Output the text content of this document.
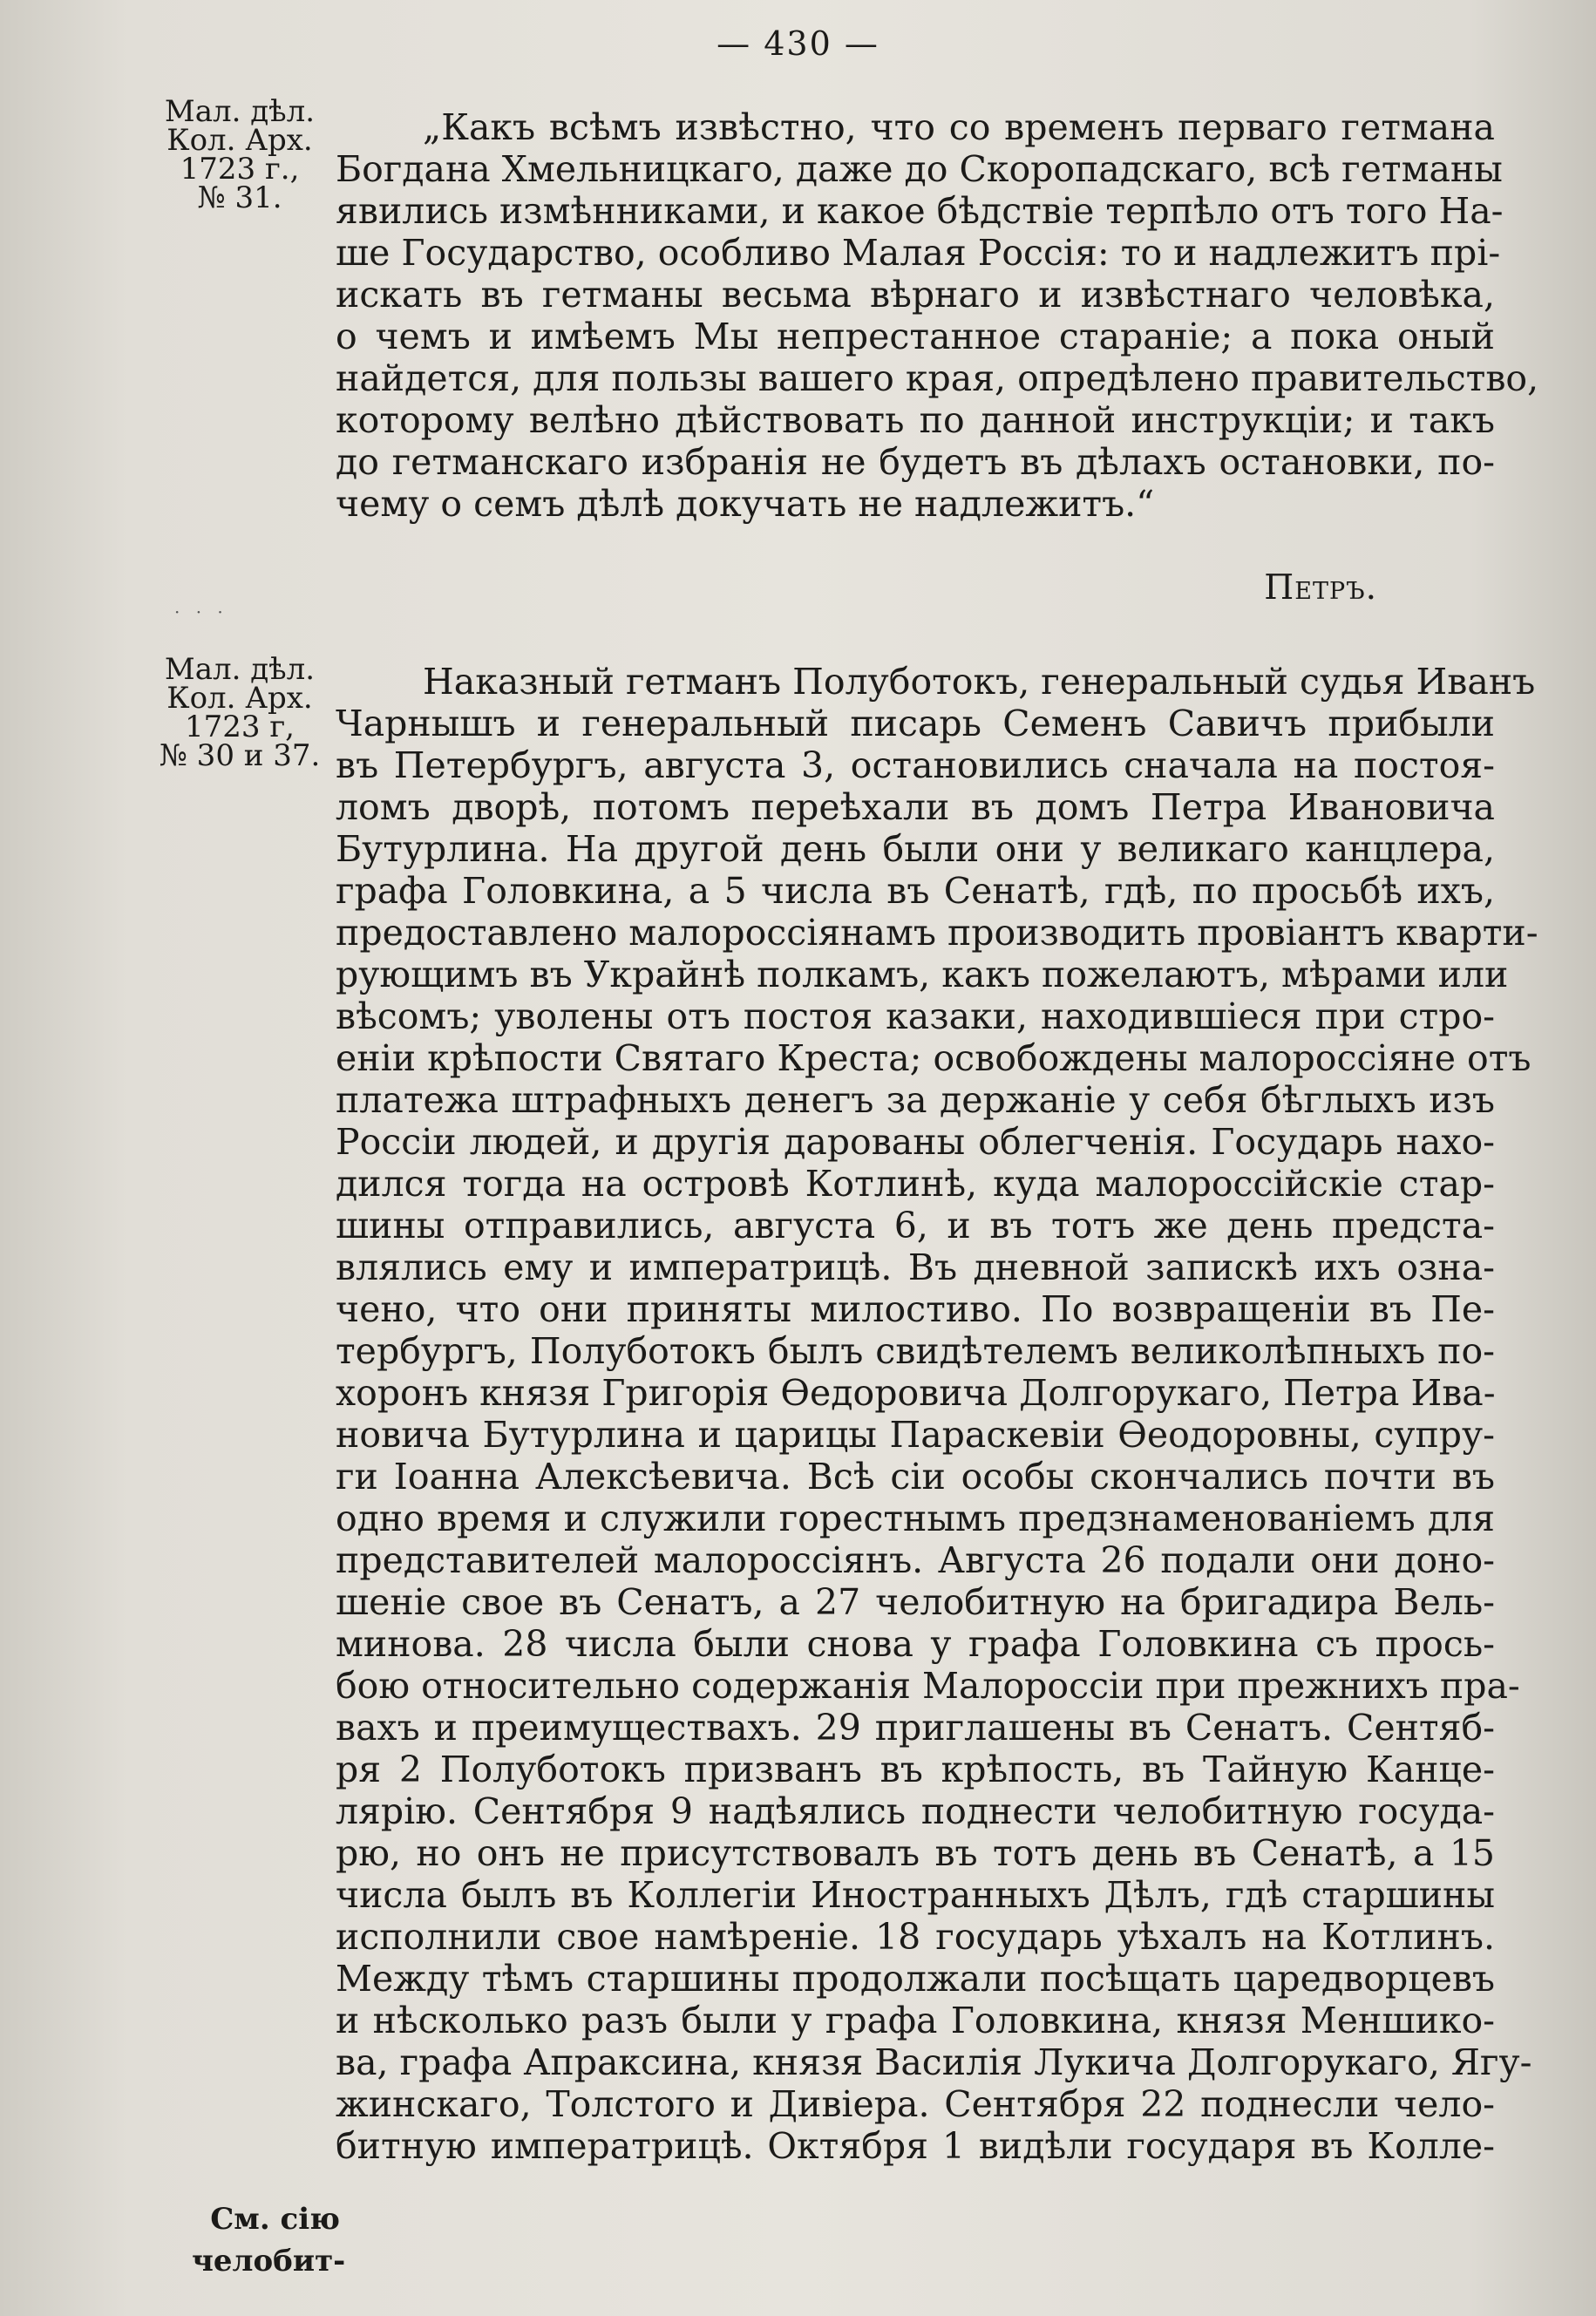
— 430 —
Мал. дѣл.
Кол. Арх.
1723 г.,
№ 31.
„Какъ всѣмъ извѣстно, что со временъ перваго гетмана
Богдана Хмельницкаго, даже до Скоропадскаго, всѣ гетманы
явились измѣнниками, и какое бѣдствіе терпѣло отъ того На-
ше Государство, особливо Малая Россія: то и надлежитъ прі-
искать въ гетманы весьма вѣрнаго и извѣстнаго человѣка,
о чемъ и имѣемъ Мы непрестанное стараніе; а пока оный
найдется, для пользы вашего края, опредѣлено правительство,
которому велѣно дѣйствовать по данной инструкціи; и такъ
до гетманскаго избранія не будетъ въ дѣлахъ остановки, по-
чему о семъ дѣлѣ докучать не надлежитъ.“
· · ·
Петръ.
Мал. дѣл.
Кол. Арх.
1723 г,
№ 30 и 37.
Наказный гетманъ Полуботокъ, генеральный судья Иванъ
Чарнышъ и генеральный писарь Семенъ Савичъ прибыли
въ Петербургъ, августа 3, остановились сначала на постоя-
ломъ дворѣ, потомъ переѣхали въ домъ Петра Ивановича
Бутурлина. На другой день были они у великаго канцлера,
графа Головкина, а 5 числа въ Сенатѣ, гдѣ, по просьбѣ ихъ,
предоставлено малороссіянамъ производить провіантъ кварти-
рующимъ въ Украйнѣ полкамъ, какъ пожелаютъ, мѣрами или
вѣсомъ; уволены отъ постоя казаки, находившіеся при стро-
еніи крѣпости Святаго Креста; освобождены малороссіяне отъ
платежа штрафныхъ денегъ за держаніе у себя бѣглыхъ изъ
Россіи людей, и другія дарованы облегченія. Государь нахо-
дился тогда на островѣ Котлинѣ, куда малороссійскіе стар-
шины отправились, августа 6, и въ тотъ же день предста-
влялись ему и императрицѣ. Въ дневной запискѣ ихъ озна-
чено, что они приняты милостиво. По возвращеніи въ Пе-
тербургъ, Полуботокъ былъ свидѣтелемъ великолѣпныхъ по-
хоронъ князя Григорія Ѳедоровича Долгорукаго, Петра Ива-
новича Бутурлина и царицы Параскевіи Ѳеодоровны, супру-
ги Іоанна Алексѣевича. Всѣ сіи особы скончались почти въ
одно время и служили горестнымъ предзнаменованіемъ для
представителей малороссіянъ. Августа 26 подали они доно-
шеніе свое въ Сенатъ, а 27 челобитную на бригадира Вель-
минова. 28 числа были снова у графа Головкина съ прось-
бою относительно содержанія Малороссіи при прежнихъ пра-
вахъ и преимуществахъ. 29 приглашены въ Сенатъ. Сентяб-
ря 2 Полуботокъ призванъ въ крѣпость, въ Тайную Канце-
лярію. Сентября 9 надѣялись поднести челобитную госуда-
рю, но онъ не присутствовалъ въ тотъ день въ Сенатѣ, а 15
числа былъ въ Коллегіи Иностранныхъ Дѣлъ, гдѣ старшины
исполнили свое намѣреніе. 18 государь уѣхалъ на Котлинъ.
Между тѣмъ старшины продолжали посѣщать царедворцевъ
и нѣсколько разъ были у графа Головкина, князя Меншико-
ва, графа Апраксина, князя Василія Лукича Долгорукаго, Ягу-
жинскаго, Толстого и Дивіера. Сентября 22 поднесли чело-
битную императрицѣ. Октября 1 видѣли государя въ Колле-
См. сію
челобит-
